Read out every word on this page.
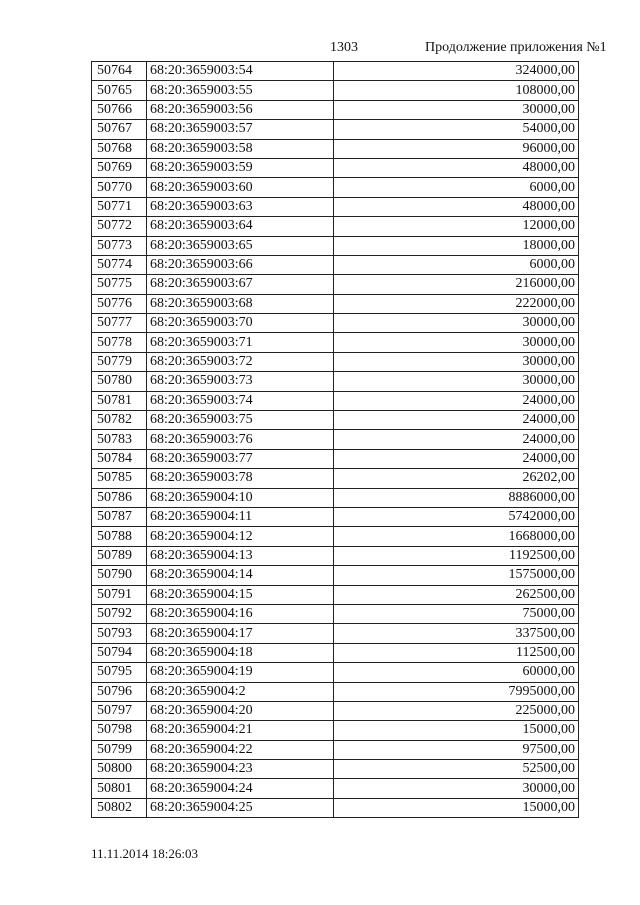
1303	Продолжение приложения №1
50764	68:20:3659003:54	324000,00
50765	68:20:3659003:55	108000,00
50766	68:20:3659003:56	30000,00
50767	68:20:3659003:57	54000,00
50768	68:20:3659003:58	96000,00
50769	68:20:3659003:59	48000,00
50770	68:20:3659003:60	6000,00
50771	68:20:3659003:63	48000,00
50772	68:20:3659003:64	12000,00
50773	68:20:3659003:65	18000,00
50774	68:20:3659003:66	6000,00
50775	68:20:3659003:67	216000,00
50776	68:20:3659003:68	222000,00
50777	68:20:3659003:70	30000,00
50778	68:20:3659003:71	30000,00
50779	68:20:3659003:72	30000,00
50780	68:20:3659003:73	30000,00
50781	68:20:3659003:74	24000,00
50782	68:20:3659003:75	24000,00
50783	68:20:3659003:76	24000,00
50784	68:20:3659003:77	24000,00
50785	68:20:3659003:78	26202,00
50786	68:20:3659004:10	8886000,00
50787	68:20:3659004:11	5742000,00
50788	68:20:3659004:12	1668000,00
50789	68:20:3659004:13	1192500,00
50790	68:20:3659004:14	1575000,00
50791	68:20:3659004:15	262500,00
50792	68:20:3659004:16	75000,00
50793	68:20:3659004:17	337500,00
50794	68:20:3659004:18	112500,00
50795	68:20:3659004:19	60000,00
50796	68:20:3659004:2	7995000,00
50797	68:20:3659004:20	225000,00
50798	68:20:3659004:21	15000,00
50799	68:20:3659004:22	97500,00
50800	68:20:3659004:23	52500,00
50801	68:20:3659004:24	30000,00
50802	68:20:3659004:25	15000,00
11.11.2014 18:26:03
